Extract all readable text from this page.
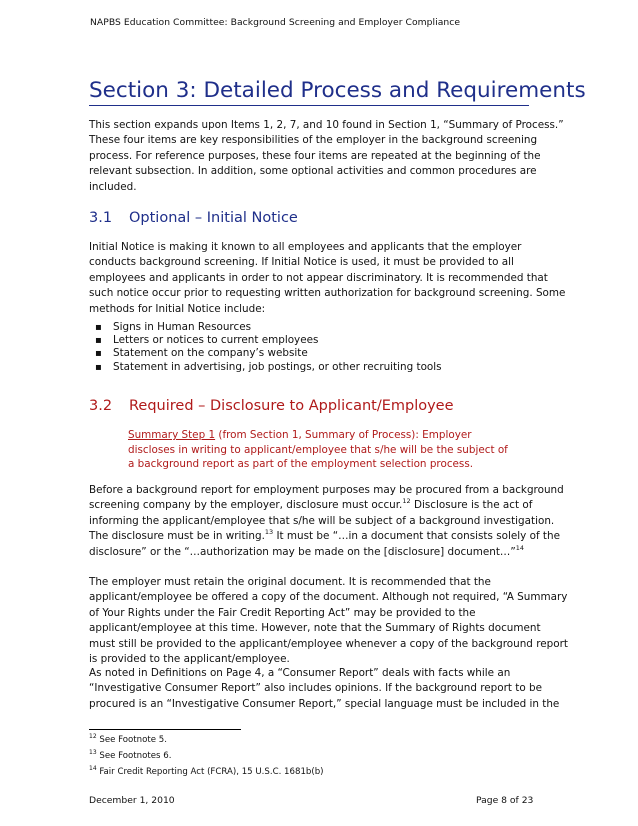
NAPBS Education Committee: Background Screening and Employer Compliance
Section 3: Detailed Process and Requirements
This section expands upon Items 1, 2, 7, and 10 found in Section 1, “Summary of Process.” These four items are key responsibilities of the employer in the background screening process. For reference purposes, these four items are repeated at the beginning of the relevant subsection. In addition, some optional activities and common procedures are included.
3.1 Optional – Initial Notice
Initial Notice is making it known to all employees and applicants that the employer conducts background screening. If Initial Notice is used, it must be provided to all employees and applicants in order to not appear discriminatory. It is recommended that such notice occur prior to requesting written authorization for background screening. Some methods for Initial Notice include:
▪ Signs in Human Resources
▪ Letters or notices to current employees
▪ Statement on the company’s website
▪ Statement in advertising, job postings, or other recruiting tools
3.2 Required – Disclosure to Applicant/Employee
Summary Step 1 (from Section 1, Summary of Process): Employer discloses in writing to applicant/employee that s/he will be the subject of a background report as part of the employment selection process.
Before a background report for employment purposes may be procured from a background screening company by the employer, disclosure must occur.$^{12}$ Disclosure is the act of informing the applicant/employee that s/he will be subject of a background investigation. The disclosure must be in writing.$^{13}$ It must be “…in a document that consists solely of the disclosure” or the “…authorization may be made on the [disclosure] document…”$^{14}$
The employer must retain the original document. It is recommended that the applicant/employee be offered a copy of the document. Although not required, “A Summary of Your Rights under the Fair Credit Reporting Act” may be provided to the applicant/employee at this time. However, note that the Summary of Rights document must still be provided to the applicant/employee whenever a copy of the background report is provided to the applicant/employee.
As noted in Definitions on Page 4, a “Consumer Report” deals with facts while an “Investigative Consumer Report” also includes opinions. If the background report to be procured is an “Investigative Consumer Report,” special language must be included in the
$^{12}$ See Footnote 5.
$^{13}$ See Footnotes 6.
$^{14}$ Fair Credit Reporting Act (FCRA), 15 U.S.C. 1681b(b)
December 1, 2010	Page 8 of 23
